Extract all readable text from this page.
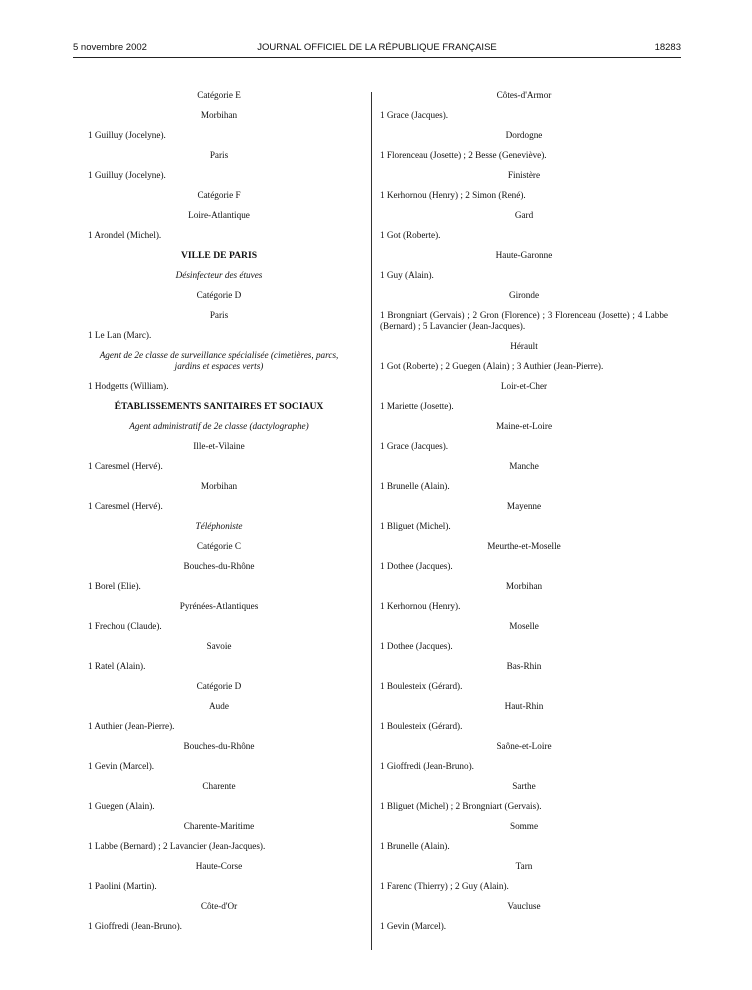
5 novembre 2002	JOURNAL OFFICIEL DE LA RÉPUBLIQUE FRANÇAISE	18283
Catégorie E
Morbihan
1 Guilluy (Jocelyne).
Paris
1 Guilluy (Jocelyne).
Catégorie F
Loire-Atlantique
1 Arondel (Michel).
VILLE DE PARIS
Désinfecteur des étuves
Catégorie D
Paris
1 Le Lan (Marc).
Agent de 2e classe de surveillance spécialisée (cimetières, parcs, jardins et espaces verts)
1 Hodgetts (William).
ÉTABLISSEMENTS SANITAIRES ET SOCIAUX
Agent administratif de 2e classe (dactylographe)
Ille-et-Vilaine
1 Caresmel (Hervé).
Morbihan
1 Caresmel (Hervé).
Téléphoniste
Catégorie C
Bouches-du-Rhône
1 Borel (Elie).
Pyrénées-Atlantiques
1 Frechou (Claude).
Savoie
1 Ratel (Alain).
Catégorie D
Aude
1 Authier (Jean-Pierre).
Bouches-du-Rhône
1 Gevin (Marcel).
Charente
1 Guegen (Alain).
Charente-Maritime
1 Labbe (Bernard) ; 2 Lavancier (Jean-Jacques).
Haute-Corse
1 Paolini (Martin).
Côte-d'Or
1 Gioffredi (Jean-Bruno).
Côtes-d'Armor
1 Grace (Jacques).
Dordogne
1 Florenceau (Josette) ; 2 Besse (Geneviève).
Finistère
1 Kerhornou (Henry) ; 2 Simon (René).
Gard
1 Got (Roberte).
Haute-Garonne
1 Guy (Alain).
Gironde
1 Brongniart (Gervais) ; 2 Gron (Florence) ; 3 Florenceau (Josette) ; 4 Labbe (Bernard) ; 5 Lavancier (Jean-Jacques).
Hérault
1 Got (Roberte) ; 2 Guegen (Alain) ; 3 Authier (Jean-Pierre).
Loir-et-Cher
1 Mariette (Josette).
Maine-et-Loire
1 Grace (Jacques).
Manche
1 Brunelle (Alain).
Mayenne
1 Bliguet (Michel).
Meurthe-et-Moselle
1 Dothee (Jacques).
Morbihan
1 Kerhornou (Henry).
Moselle
1 Dothee (Jacques).
Bas-Rhin
1 Boulesteix (Gérard).
Haut-Rhin
1 Boulesteix (Gérard).
Saône-et-Loire
1 Gioffredi (Jean-Bruno).
Sarthe
1 Bliguet (Michel) ; 2 Brongniart (Gervais).
Somme
1 Brunelle (Alain).
Tarn
1 Farenc (Thierry) ; 2 Guy (Alain).
Vaucluse
1 Gevin (Marcel).
